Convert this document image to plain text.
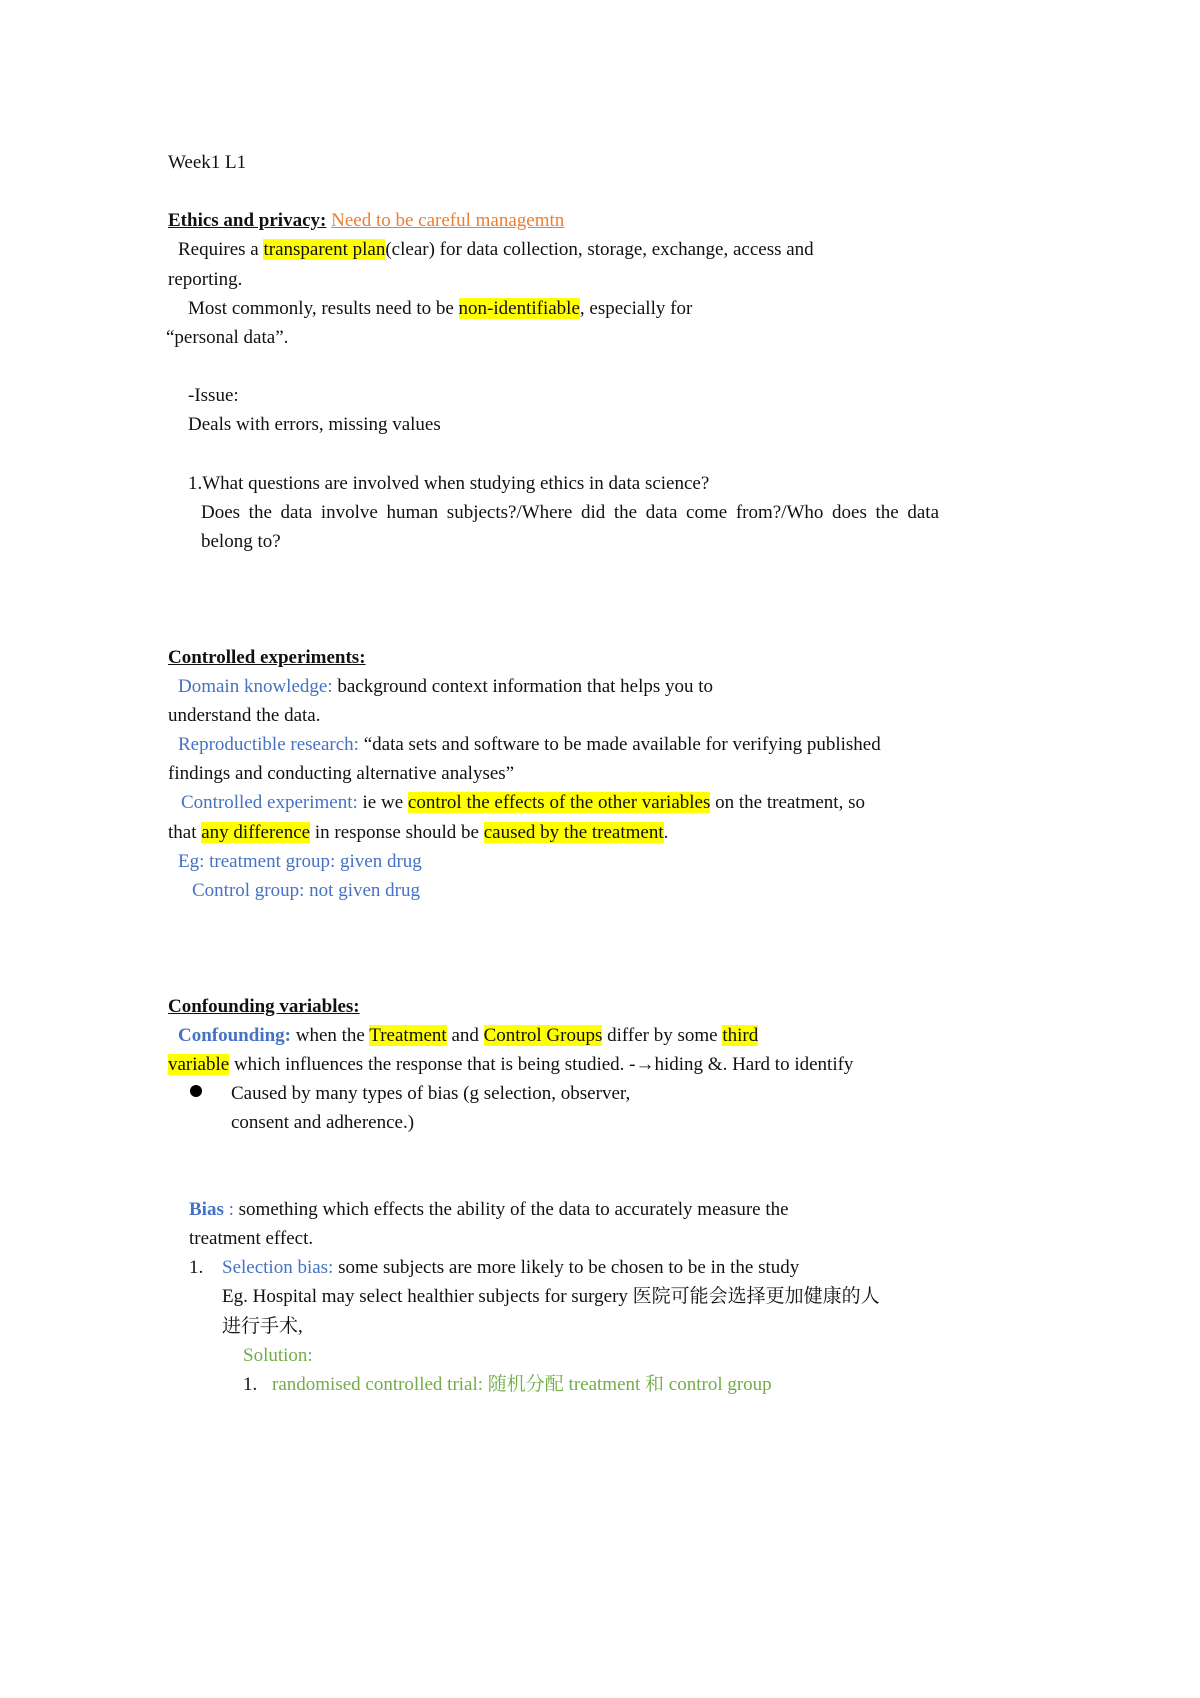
Week1 L1
Ethics and privacy: Need to be careful managemtn
Requires a transparent plan(clear) for data collection, storage, exchange, access and
reporting.
Most commonly, results need to be non-identifiable, especially for
“personal data”.
-Issue:
Deals with errors, missing values
1.What questions are involved when studying ethics in data science?
Does the data involve human subjects?/Where did the data come from?/Who does the data
belong to?
Controlled experiments:
Domain knowledge: background context information that helps you to
understand the data.
Reproductible research: “data sets and software to be made available for verifying published
findings and conducting alternative analyses”
Controlled experiment: ie we control the effects of the other variables on the treatment, so
that any difference in response should be caused by the treatment.
Eg: treatment group: given drug
Control group: not given drug
Confounding variables:
Confounding: when the Treatment and Control Groups differ by some third
variable which influences the response that is being studied. -→hiding &. Hard to identify
Caused by many types of bias (g selection, observer,
consent and adherence.)
Bias : something which effects the ability of the data to accurately measure the
treatment effect.
1. Selection bias: some subjects are more likely to be chosen to be in the study
Eg. Hospital may select healthier subjects for surgery 医院可能会选择更加健康的人
进行手术,
Solution:
1. randomised controlled trial: 随机分配 treatment 和 control group
